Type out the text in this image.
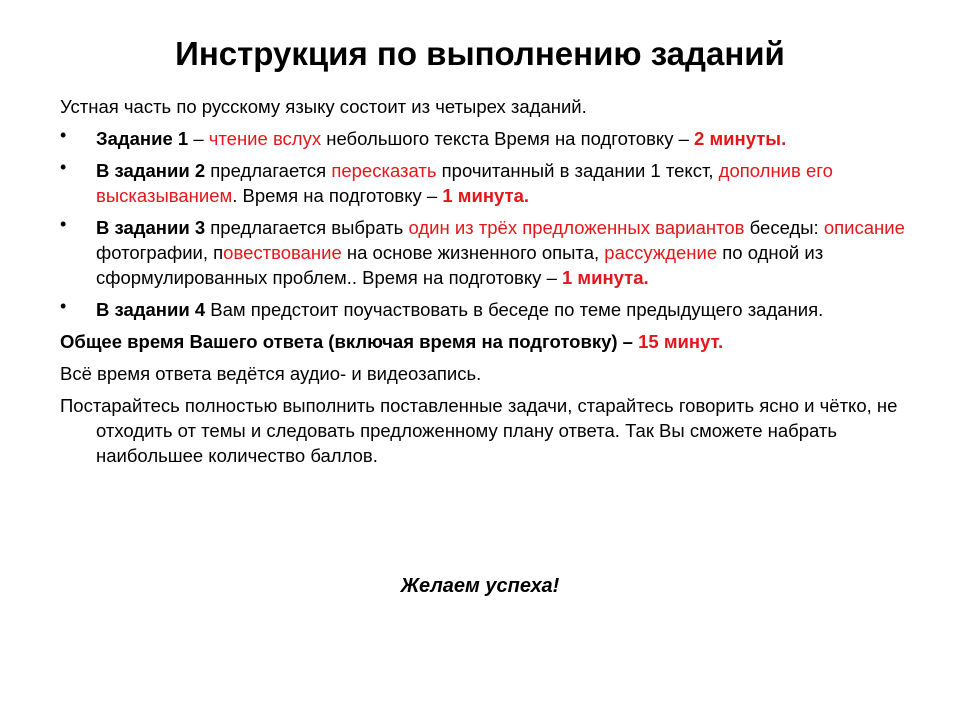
Инструкция по выполнению заданий

Устная часть по русскому языку состоит из четырех заданий.

• Задание 1 – чтение вслух небольшого текста Время на подготовку – 2 минуты.
• В задании 2 предлагается пересказать прочитанный в задании 1 текст, дополнив его высказыванием. Время на подготовку – 1 минута.
• В задании 3 предлагается выбрать один из трёх предложенных вариантов беседы: описание фотографии, повествование на основе жизненного опыта, рассуждение по одной из сформулированных проблем.. Время на подготовку – 1 минута.
• В задании 4 Вам предстоит поучаствовать в беседе по теме предыдущего задания.

Общее время Вашего ответа (включая время на подготовку) – 15 минут.

Всё время ответа ведётся аудио- и видеозапись.

Постарайтесь полностью выполнить поставленные задачи, старайтесь говорить ясно и чётко, не отходить от темы и следовать предложенному плану ответа. Так Вы сможете набрать наибольшее количество баллов.

Желаем успеха!
